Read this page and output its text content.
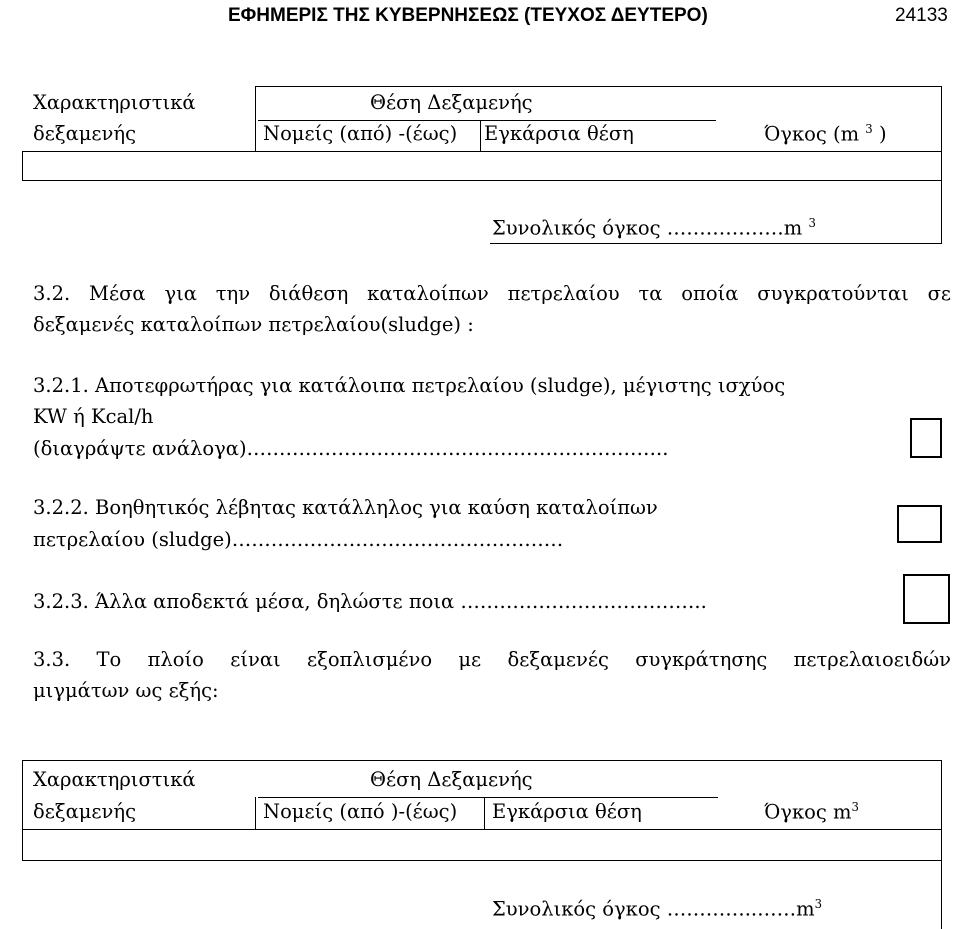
ΕΦΗΜΕΡΙΣ ΤΗΣ ΚΥΒΕΡΝΗΣΕΩΣ (ΤΕΥΧΟΣ ΔΕΥΤΕΡΟ)	24133
Χαρακτηριστικά
δεξαμενής
Θέση Δεξαμενής
Νομείς (από) -(έως) Εγκάρσια θέση	Όγκος (m $^3$ )
Συνολικός όγκος ………………m $^3$
3.2. Μέσα για την διάθεση καταλοίπων πετρελαίου τα οποία συγκρατούνται σε
δεξαμενές καταλοίπων πετρελαίου(sludge) :
3.2.1. Αποτεφρωτήρας για κατάλοιπα πετρελαίου (sludge), μέγιστης ισχύος
KW ή Kcal/h
(διαγράψτε ανάλογα)………………………………………………………..
3.2.2. Βοηθητικός λέβητας κατάλληλος για καύση καταλοίπων
πετρελαίου (sludge)……………………………………………
3.2.3. Άλλα αποδεκτά μέσα, δηλώστε ποια ………………………………..
3.3. Το πλοίο είναι εξοπλισμένο με δεξαμενές συγκράτησης πετρελαιοειδών
μιγμάτων ως εξής:
Χαρακτηριστικά
δεξαμενής
Θέση Δεξαμενής
Νομείς (από )-(έως) Εγκάρσια θέση	Όγκος $m^3$
Συνολικός όγκος $\dots\dots\dots\dots..\dots\dots m^3$
